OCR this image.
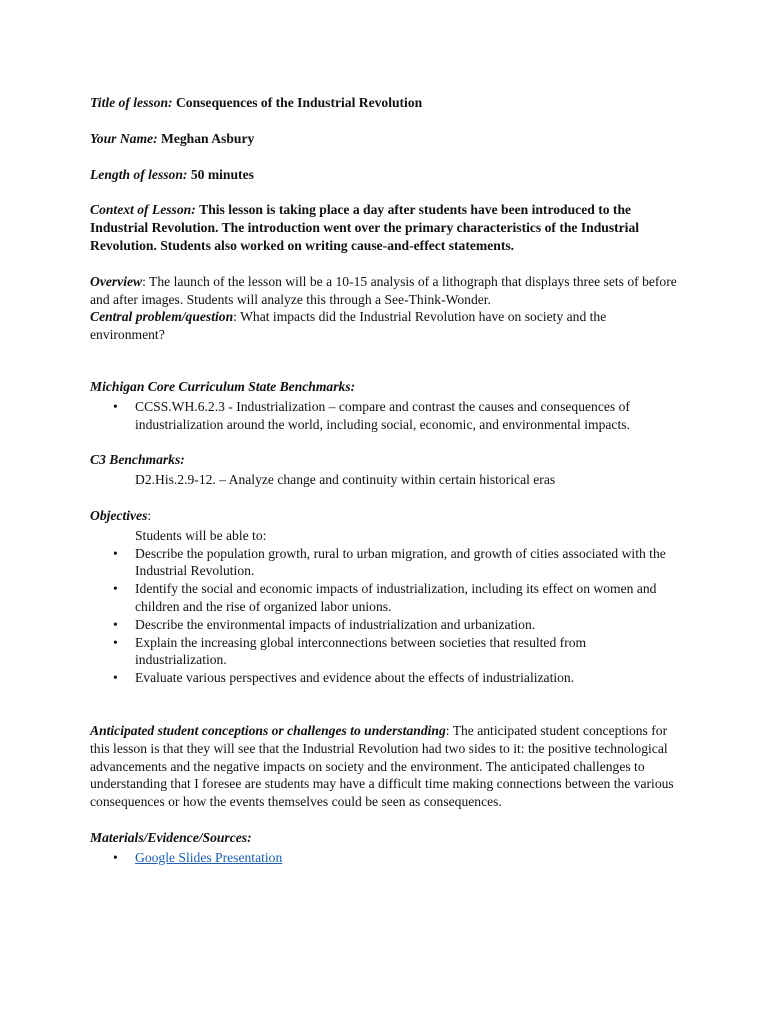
Title of lesson: Consequences of the Industrial Revolution

Your Name: Meghan Asbury

Length of lesson: 50 minutes

Context of Lesson: This lesson is taking place a day after students have been introduced to the Industrial Revolution. The introduction went over the primary characteristics of the Industrial Revolution. Students also worked on writing cause-and-effect statements.

Overview: The launch of the lesson will be a 10-15 analysis of a lithograph that displays three sets of before and after images. Students will analyze this through a See-Think-Wonder.

Central problem/question: What impacts did the Industrial Revolution have on society and the environment?

Michigan Core Curriculum State Benchmarks:

• CCSS.WH.6.2.3 - Industrialization – compare and contrast the causes and consequences of industrialization around the world, including social, economic, and environmental impacts.

C3 Benchmarks:

D2.His.2.9-12. – Analyze change and continuity within certain historical eras

Objectives:

Students will be able to:

• Describe the population growth, rural to urban migration, and growth of cities associated with the Industrial Revolution.
• Identify the social and economic impacts of industrialization, including its effect on women and children and the rise of organized labor unions.
• Describe the environmental impacts of industrialization and urbanization.
• Explain the increasing global interconnections between societies that resulted from industrialization.
• Evaluate various perspectives and evidence about the effects of industrialization.

Anticipated student conceptions or challenges to understanding: The anticipated student conceptions for this lesson is that they will see that the Industrial Revolution had two sides to it: the positive technological advancements and the negative impacts on society and the environment. The anticipated challenges to understanding that I foresee are students may have a difficult time making connections between the various consequences or how the events themselves could be seen as consequences.

Materials/Evidence/Sources:

• Google Slides Presentation
